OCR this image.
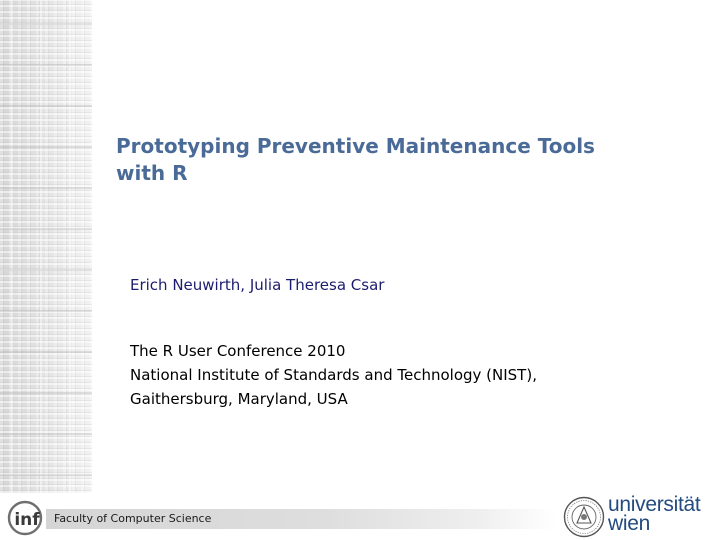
Prototyping Preventive Maintenance Tools
with R

Erich Neuwirth, Julia Theresa Csar

The R User Conference 2010
National Institute of Standards and Technology (NIST),
Gaithersburg, Maryland, USA

Faculty of Computer Science
inf
universität
wien
